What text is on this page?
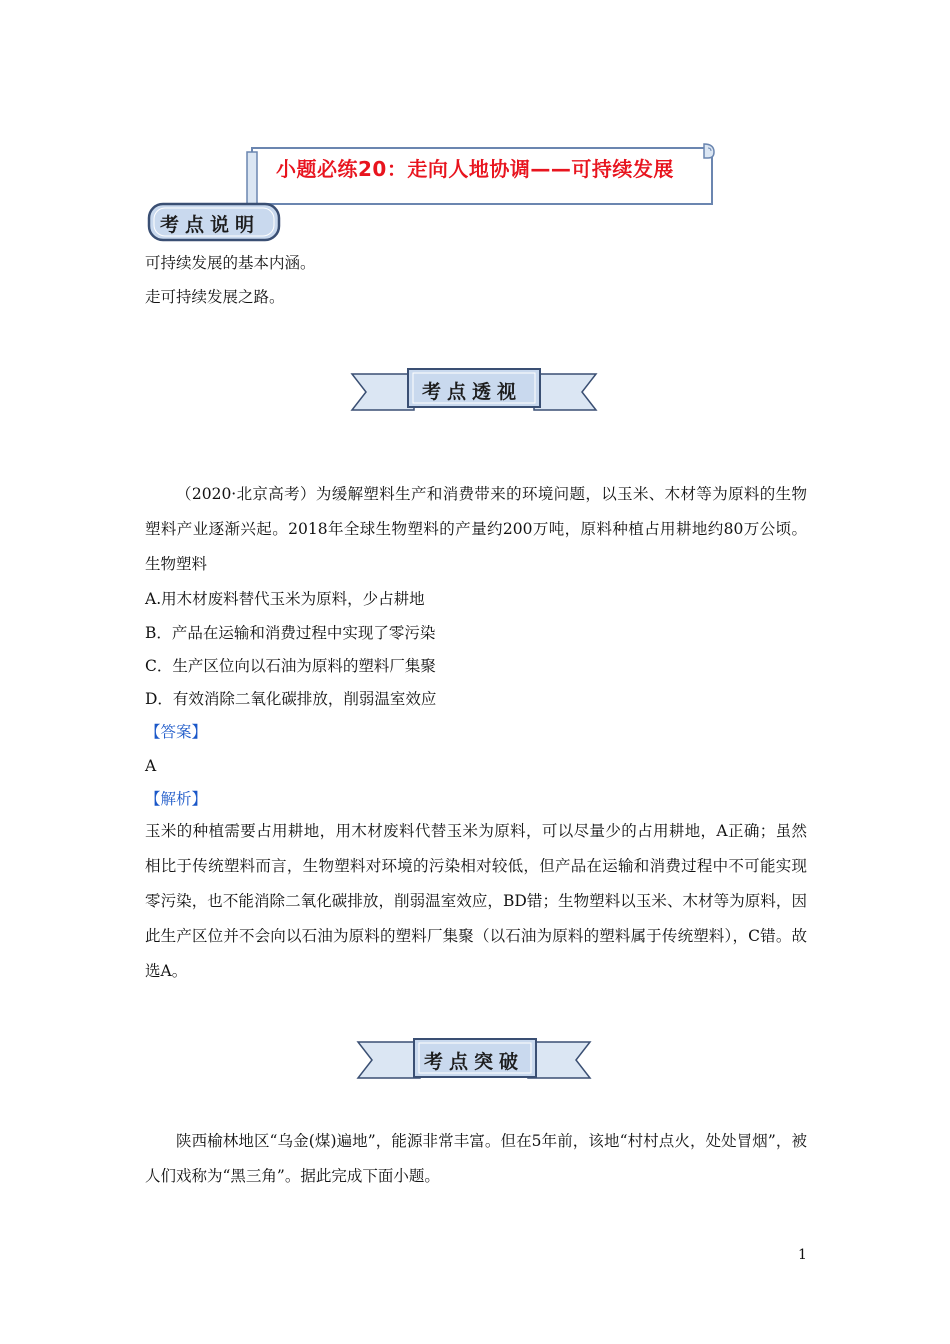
小题必练20：走向人地协调——可持续发展
考点说明
可持续发展的基本内涵。
走可持续发展之路。
考点透视
（2020·北京高考）为缓解塑料生产和消费带来的环境问题，以玉米、木材等为原料的生物塑料产业逐渐兴起。2018年全球生物塑料的产量约200万吨，原料种植占用耕地约80万公顷。生物塑料
A.用木材废料替代玉米为原料，少占耕地
B．产品在运输和消费过程中实现了零污染
C．生产区位向以石油为原料的塑料厂集聚
D．有效消除二氧化碳排放，削弱温室效应
【答案】
A
【解析】
玉米的种植需要占用耕地，用木材废料代替玉米为原料，可以尽量少的占用耕地，A正确；虽然相比于传统塑料而言，生物塑料对环境的污染相对较低，但产品在运输和消费过程中不可能实现零污染，也不能消除二氧化碳排放，削弱温室效应，BD错；生物塑料以玉米、木材等为原料，因此生产区位并不会向以石油为原料的塑料厂集聚（以石油为原料的塑料属于传统塑料），C错。故选A。
考点突破
陕西榆林地区“乌金(煤)遍地”，能源非常丰富。但在5年前，该地“村村点火，处处冒烟”，被人们戏称为“黑三角”。据此完成下面小题。
1
